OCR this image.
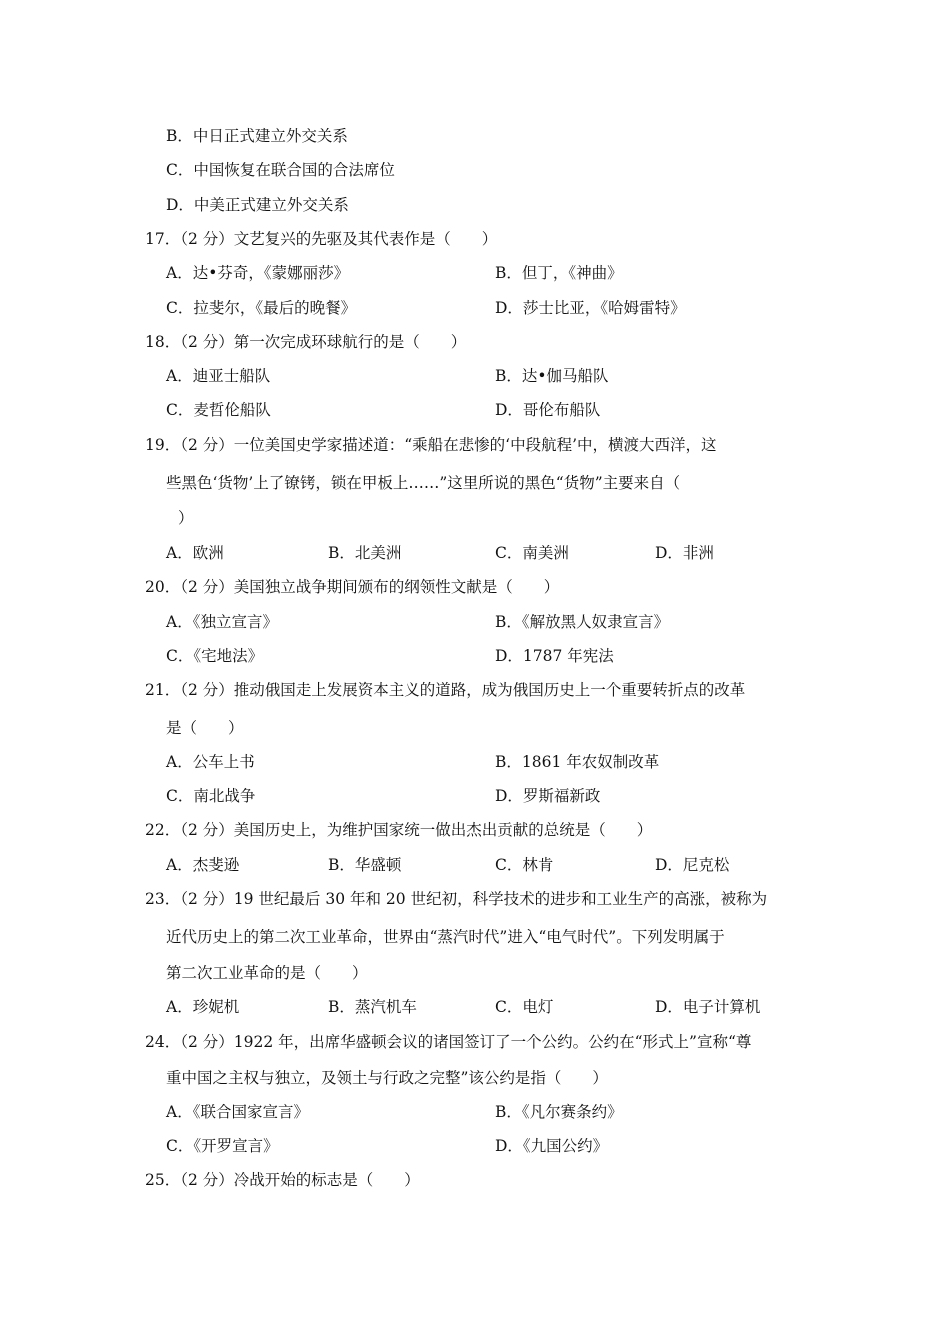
B．中日正式建立外交关系
C．中国恢复在联合国的合法席位
D．中美正式建立外交关系
17．（2 分）文艺复兴的先驱及其代表作是（　　）
A．达•芬奇，《蒙娜丽莎》	B．但丁，《神曲》
C．拉斐尔，《最后的晚餐》	D．莎士比亚，《哈姆雷特》
18．（2 分）第一次完成环球航行的是（　　）
A．迪亚士船队	B．达•伽马船队
C．麦哲伦船队	D．哥伦布船队
19．（2 分）一位美国史学家描述道：“乘船在悲惨的‘中段航程’中，横渡大西洋，这
些黑色‘货物’上了镣铐，锁在甲板上……”这里所说的黑色“货物”主要来自（
）
A．欧洲	B．北美洲	C．南美洲	D．非洲
20．（2 分）美国独立战争期间颁布的纲领性文献是（　　）
A．《独立宣言》	B．《解放黑人奴隶宣言》
C．《宅地法》	D．1787 年宪法
21．（2 分）推动俄国走上发展资本主义的道路，成为俄国历史上一个重要转折点的改革
是（　　）
A．公车上书	B．1861 年农奴制改革
C．南北战争	D．罗斯福新政
22．（2 分）美国历史上，为维护国家统一做出杰出贡献的总统是（　　）
A．杰斐逊	B．华盛顿	C．林肯	D．尼克松
23．（2 分）19 世纪最后 30 年和 20 世纪初，科学技术的进步和工业生产的高涨，被称为
近代历史上的第二次工业革命，世界由“蒸汽时代”进入“电气时代”。下列发明属于
第二次工业革命的是（　　）
A．珍妮机	B．蒸汽机车	C．电灯	D．电子计算机
24．（2 分）1922 年，出席华盛顿会议的诸国签订了一个公约。公约在“形式上”宣称“尊
重中国之主权与独立，及领土与行政之完整”该公约是指（　　）
A．《联合国家宣言》	B．《凡尔赛条约》
C．《开罗宣言》	D．《九国公约》
25．（2 分）冷战开始的标志是（　　）
